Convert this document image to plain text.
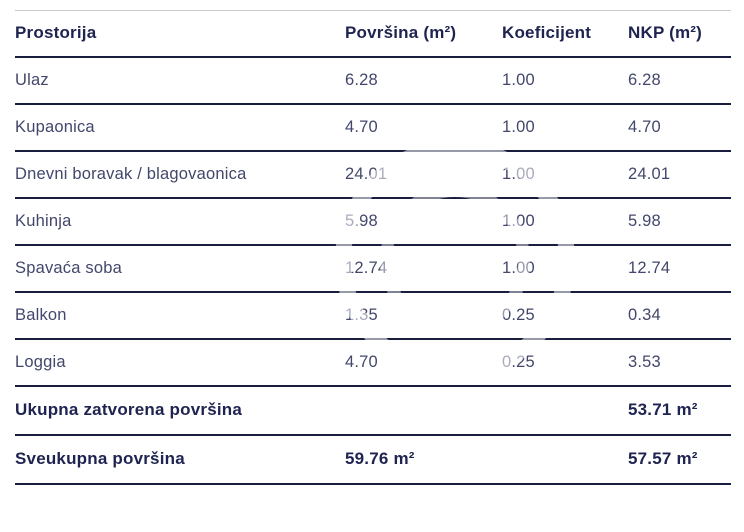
Prostorija	Površina (m²)	Koeficijent	NKP (m²)
Ulaz	6.28	1.00	6.28
Kupaonica	4.70	1.00	4.70
Dnevni boravak / blagovaonica	24.01	1.00	24.01
Kuhinja	5.98	1.00	5.98
Spavaća soba	12.74	1.00	12.74
Balkon	1.35	0.25	0.34
Loggia	4.70	0.25	3.53
Ukupna zatvorena površina			53.71 m²
Sveukupna površina	59.76 m²		57.57 m²
